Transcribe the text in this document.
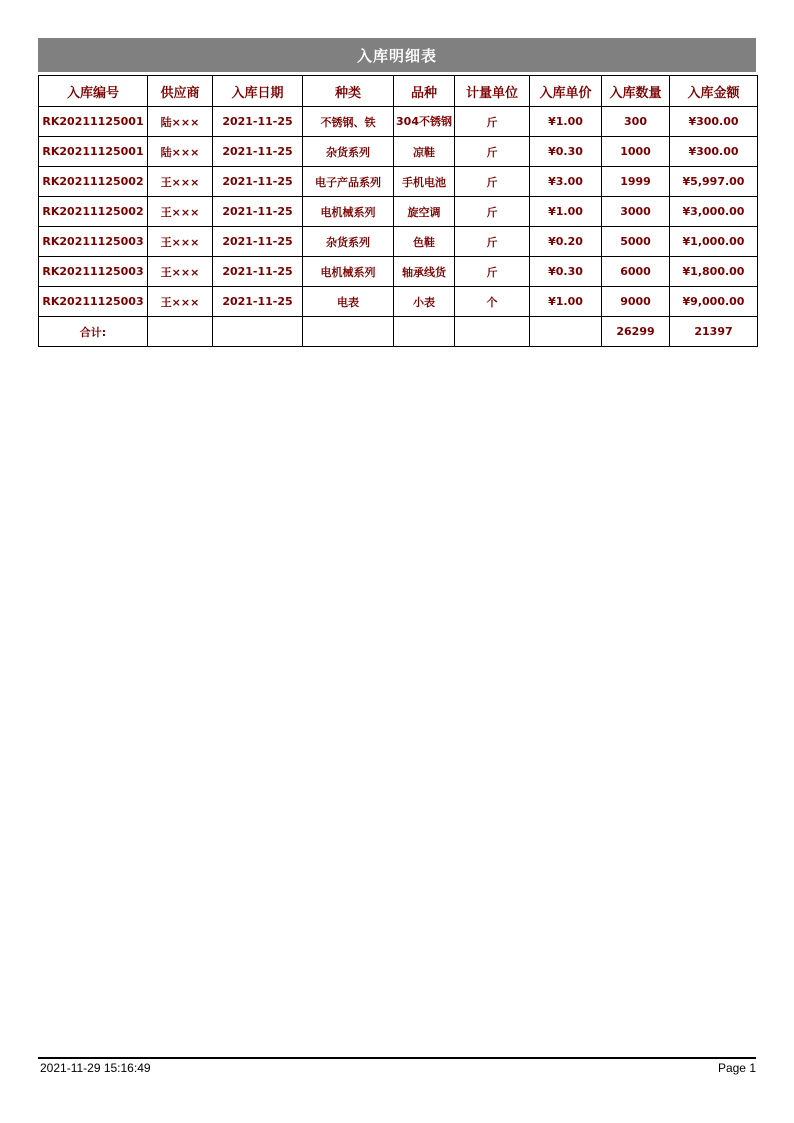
入库明细表
入库编号	供应商	入库日期	种类	品种	计量单位	入库单价	入库数量	入库金额
RK20211125001	陆×××	2021-11-25	不锈钢、铁	304不锈钢	斤	¥1.00	300	¥300.00
RK20211125001	陆×××	2021-11-25	杂货系列	凉鞋	斤	¥0.30	1000	¥300.00
RK20211125002	王×××	2021-11-25	电子产品系列	手机电池	斤	¥3.00	1999	¥5,997.00
RK20211125002	王×××	2021-11-25	电机械系列	旋空调	斤	¥1.00	3000	¥3,000.00
RK20211125003	王×××	2021-11-25	杂货系列	色鞋	斤	¥0.20	5000	¥1,000.00
RK20211125003	王×××	2021-11-25	电机械系列	轴承线货	斤	¥0.30	6000	¥1,800.00
RK20211125003	王×××	2021-11-25	电表	小表	个	¥1.00	9000	¥9,000.00
合计:							26299	21397
2021-11-29 15:16:49	Page 1
